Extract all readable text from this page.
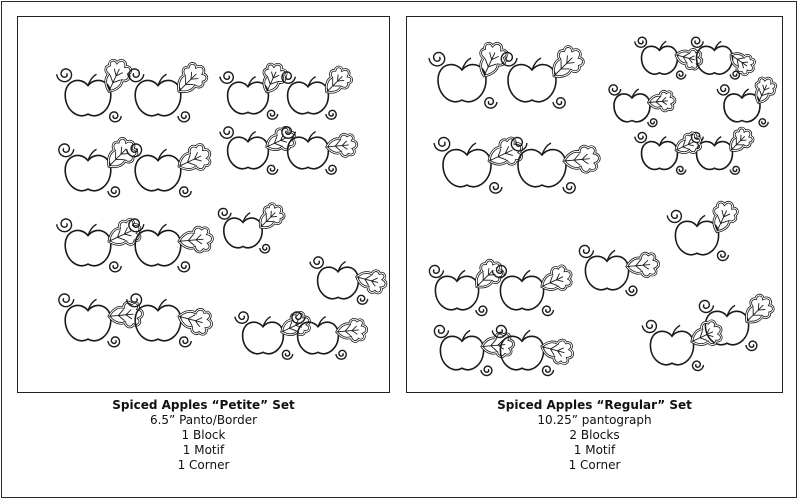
Spiced Apples “Petite” Set
6.5” Panto/Border
1 Block
1 Motif
1 Corner
Spiced Apples “Regular” Set
10.25” pantograph
2 Blocks
1 Motif
1 Corner
